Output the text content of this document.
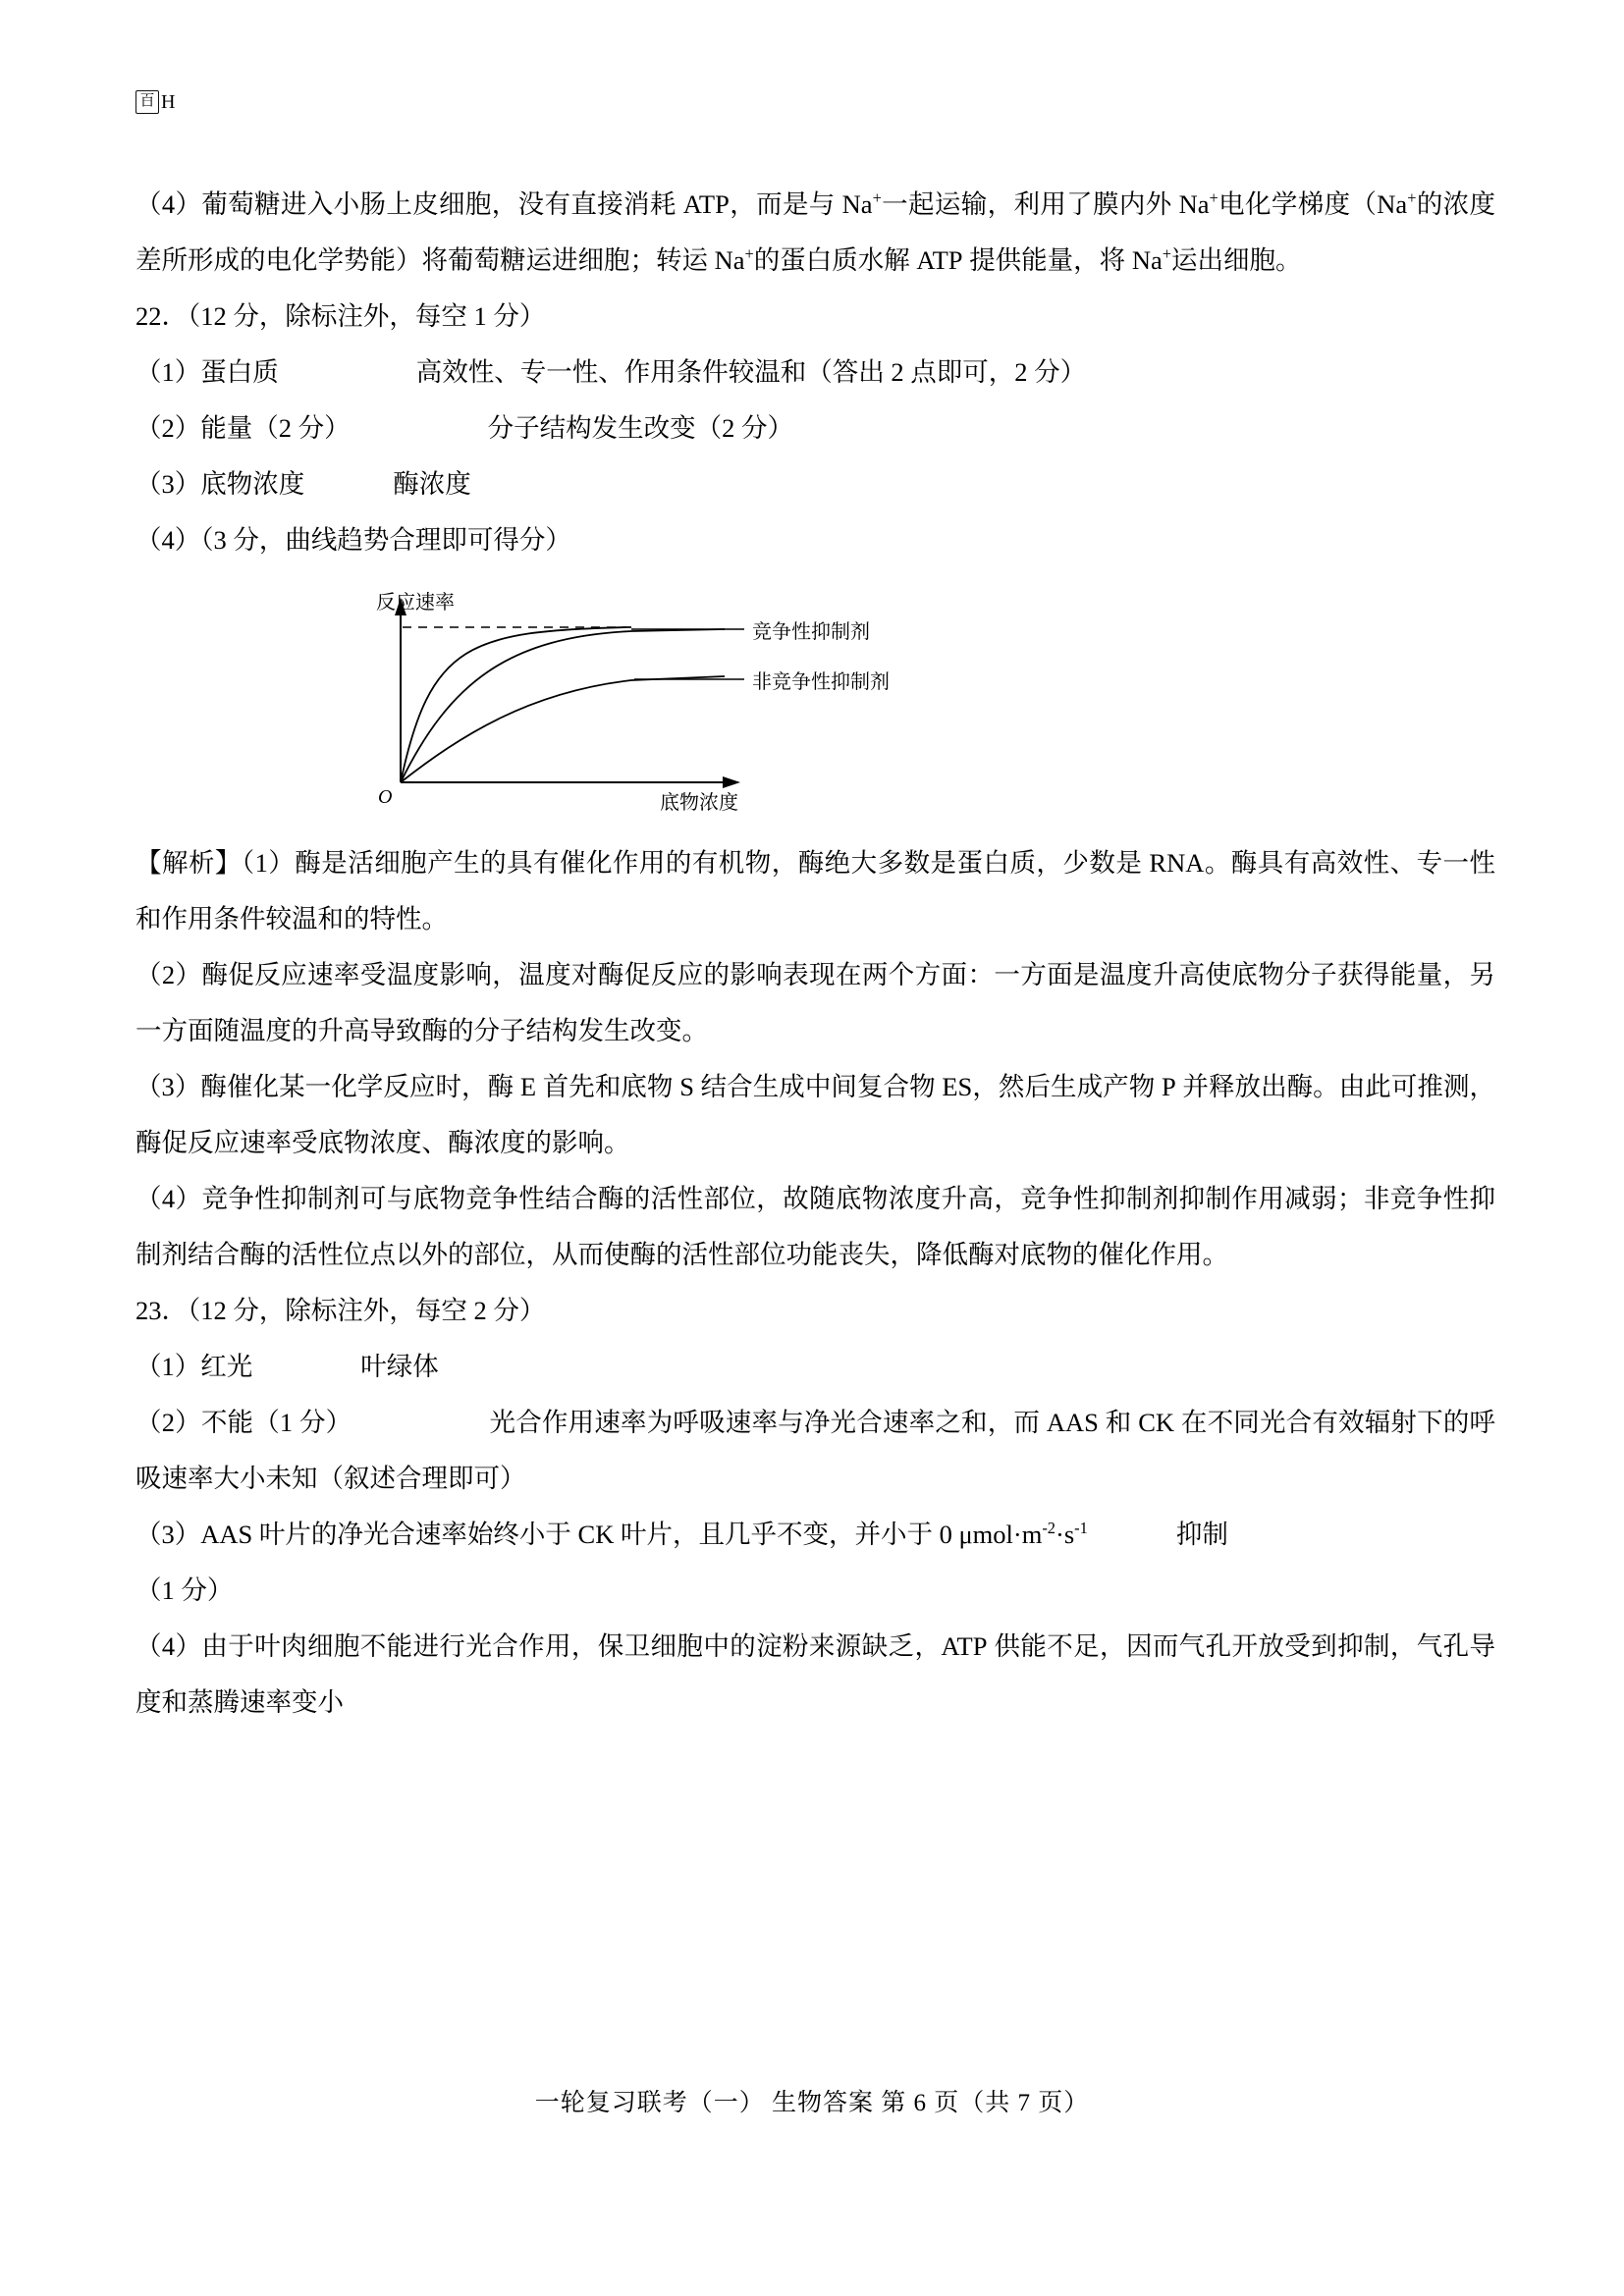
百 H

（4）葡萄糖进入小肠上皮细胞，没有直接消耗 ATP，而是与 Na+一起运输，利用了膜内外 Na+电化学梯度（Na+的浓度差所形成的电化学势能）将葡萄糖运进细胞；转运 Na+的蛋白质水解 ATP 提供能量，将 Na+运出细胞。

22．（12 分，除标注外，每空 1 分）

（1）蛋白质	高效性、专一性、作用条件较温和（答出 2 点即可，2 分）

（2）能量（2 分）	分子结构发生改变（2 分）

（3）底物浓度	酶浓度

（4）（3 分，曲线趋势合理即可得分）

反应速率
底物浓度
O
竞争性抑制剂
非竞争性抑制剂

【解析】（1）酶是活细胞产生的具有催化作用的有机物，酶绝大多数是蛋白质，少数是 RNA。酶具有高效性、专一性和作用条件较温和的特性。

（2）酶促反应速率受温度影响，温度对酶促反应的影响表现在两个方面：一方面是温度升高使底物分子获得能量，另一方面随温度的升高导致酶的分子结构发生改变。

（3）酶催化某一化学反应时，酶 E 首先和底物 S 结合生成中间复合物 ES，然后生成产物 P 并释放出酶。由此可推测，酶促反应速率受底物浓度、酶浓度的影响。

（4）竞争性抑制剂可与底物竞争性结合酶的活性部位，故随底物浓度升高，竞争性抑制剂抑制作用减弱；非竞争性抑制剂结合酶的活性位点以外的部位，从而使酶的活性部位功能丧失，降低酶对底物的催化作用。

23．（12 分，除标注外，每空 2 分）

（1）红光	叶绿体

（2）不能（1 分）	光合作用速率为呼吸速率与净光合速率之和，而 AAS 和 CK 在不同光合有效辐射下的呼吸速率大小未知（叙述合理即可）

（3）AAS 叶片的净光合速率始终小于 CK 叶片，且几乎不变，并小于 0 $\mu mol\cdot m^{-2}\cdot s^{-1}$	抑制

（1 分）

（4）由于叶肉细胞不能进行光合作用，保卫细胞中的淀粉来源缺乏，ATP 供能不足，因而气孔开放受到抑制，气孔导度和蒸腾速率变小

一轮复习联考（一） 生物答案 第 6 页（共 7 页）
